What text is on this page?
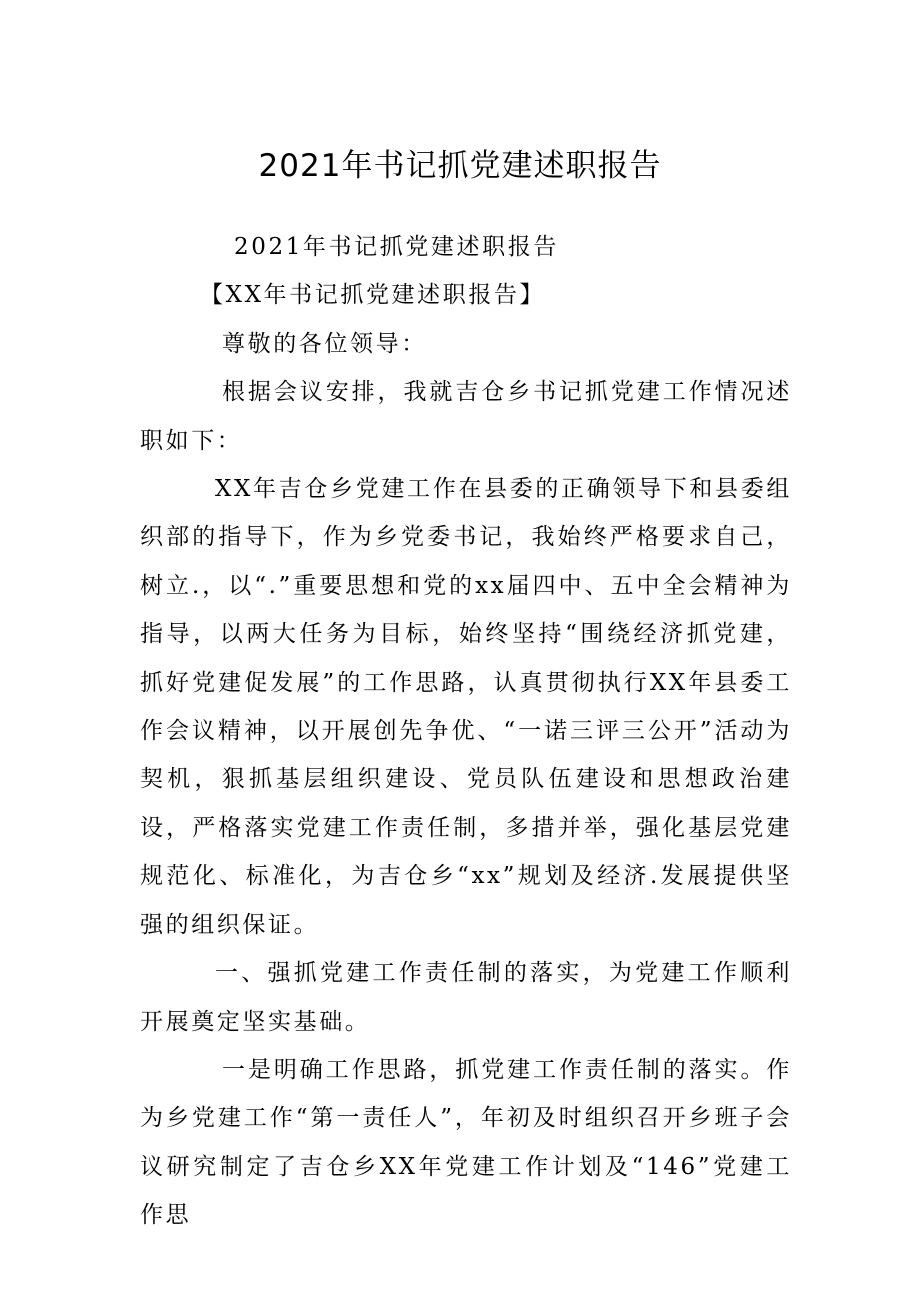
2021年书记抓党建述职报告

2021年书记抓党建述职报告

【XX年书记抓党建述职报告】

尊敬的各位领导：

根据会议安排，我就吉仓乡书记抓党建工作情况述职如下：

XX年吉仓乡党建工作在县委的正确领导下和县委组织部的指导下，作为乡党委书记，我始终严格要求自己，树立.，以“.”重要思想和党的xx届四中、五中全会精神为指导，以两大任务为目标，始终坚持“围绕经济抓党建，抓好党建促发展”的工作思路，认真贯彻执行XX年县委工作会议精神，以开展创先争优、“一诺三评三公开”活动为契机，狠抓基层组织建设、党员队伍建设和思想政治建设，严格落实党建工作责任制，多措并举，强化基层党建规范化、标准化，为吉仓乡“xx”规划及经济.发展提供坚强的组织保证。

一、强抓党建工作责任制的落实，为党建工作顺利开展奠定坚实基础。

一是明确工作思路，抓党建工作责任制的落实。作为乡党建工作“第一责任人”，年初及时组织召开乡班子会议研究制定了吉仓乡XX年党建工作计划及“146”党建工作思
